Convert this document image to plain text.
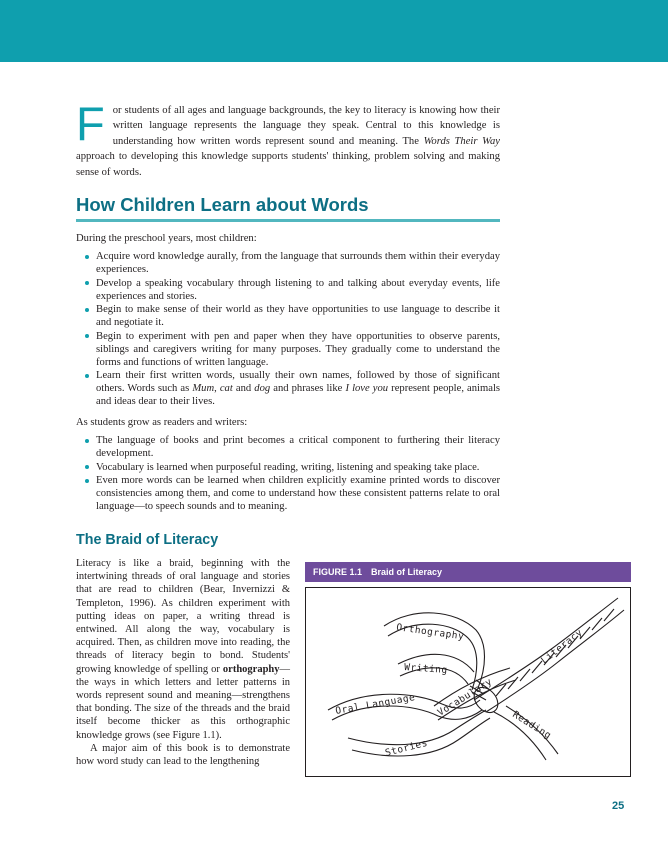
For students of all ages and language backgrounds, the key to literacy is knowing how their written language represents the language they speak. Central to this knowledge is understanding how written words represent sound and meaning. The Words Their Way approach to developing this knowledge supports students' thinking, problem solving and making sense of words.
How Children Learn about Words

During the preschool years, most children:

Acquire word knowledge aurally, from the language that surrounds them within their everyday experiences.
Develop a speaking vocabulary through listening to and talking about everyday events, life experiences and stories.
Begin to make sense of their world as they have opportunities to use language to describe it and negotiate it.
Begin to experiment with pen and paper when they have opportunities to observe parents, siblings and caregivers writing for many purposes. They gradually come to understand the forms and functions of written language.
Learn their first written words, usually their own names, followed by those of significant others. Words such as Mum, cat and dog and phrases like I love you represent people, animals and ideas dear to their lives.

As students grow as readers and writers:

The language of books and print becomes a critical component to furthering their literacy development.
Vocabulary is learned when purposeful reading, writing, listening and speaking take place.
Even more words can be learned when children explicitly examine printed words to discover consistencies among them, and come to understand how these consistent patterns relate to oral language—to speech sounds and to meaning.
The Braid of Literacy

Literacy is like a braid, beginning with the intertwining threads of oral language and stories that are read to children (Bear, Invernizzi & Templeton, 1996). As children experiment with putting ideas on paper, a writing thread is entwined. All along the way, vocabulary is acquired. Then, as children move into reading, the threads of literacy begin to bond. Students' growing knowledge of spelling or orthography—the ways in which letters and letter patterns in words represent sound and meaning—strengthens that bonding. The size of the threads and the braid itself become thicker as this orthographic knowledge grows (see Figure 1.1).

A major aim of this book is to demonstrate how word study can lead to the lengthening

FIGURE 1.1 Braid of Literacy
Orthography
Writing
Oral Language Vocabulary
Stories
Literacy
Reading
25
